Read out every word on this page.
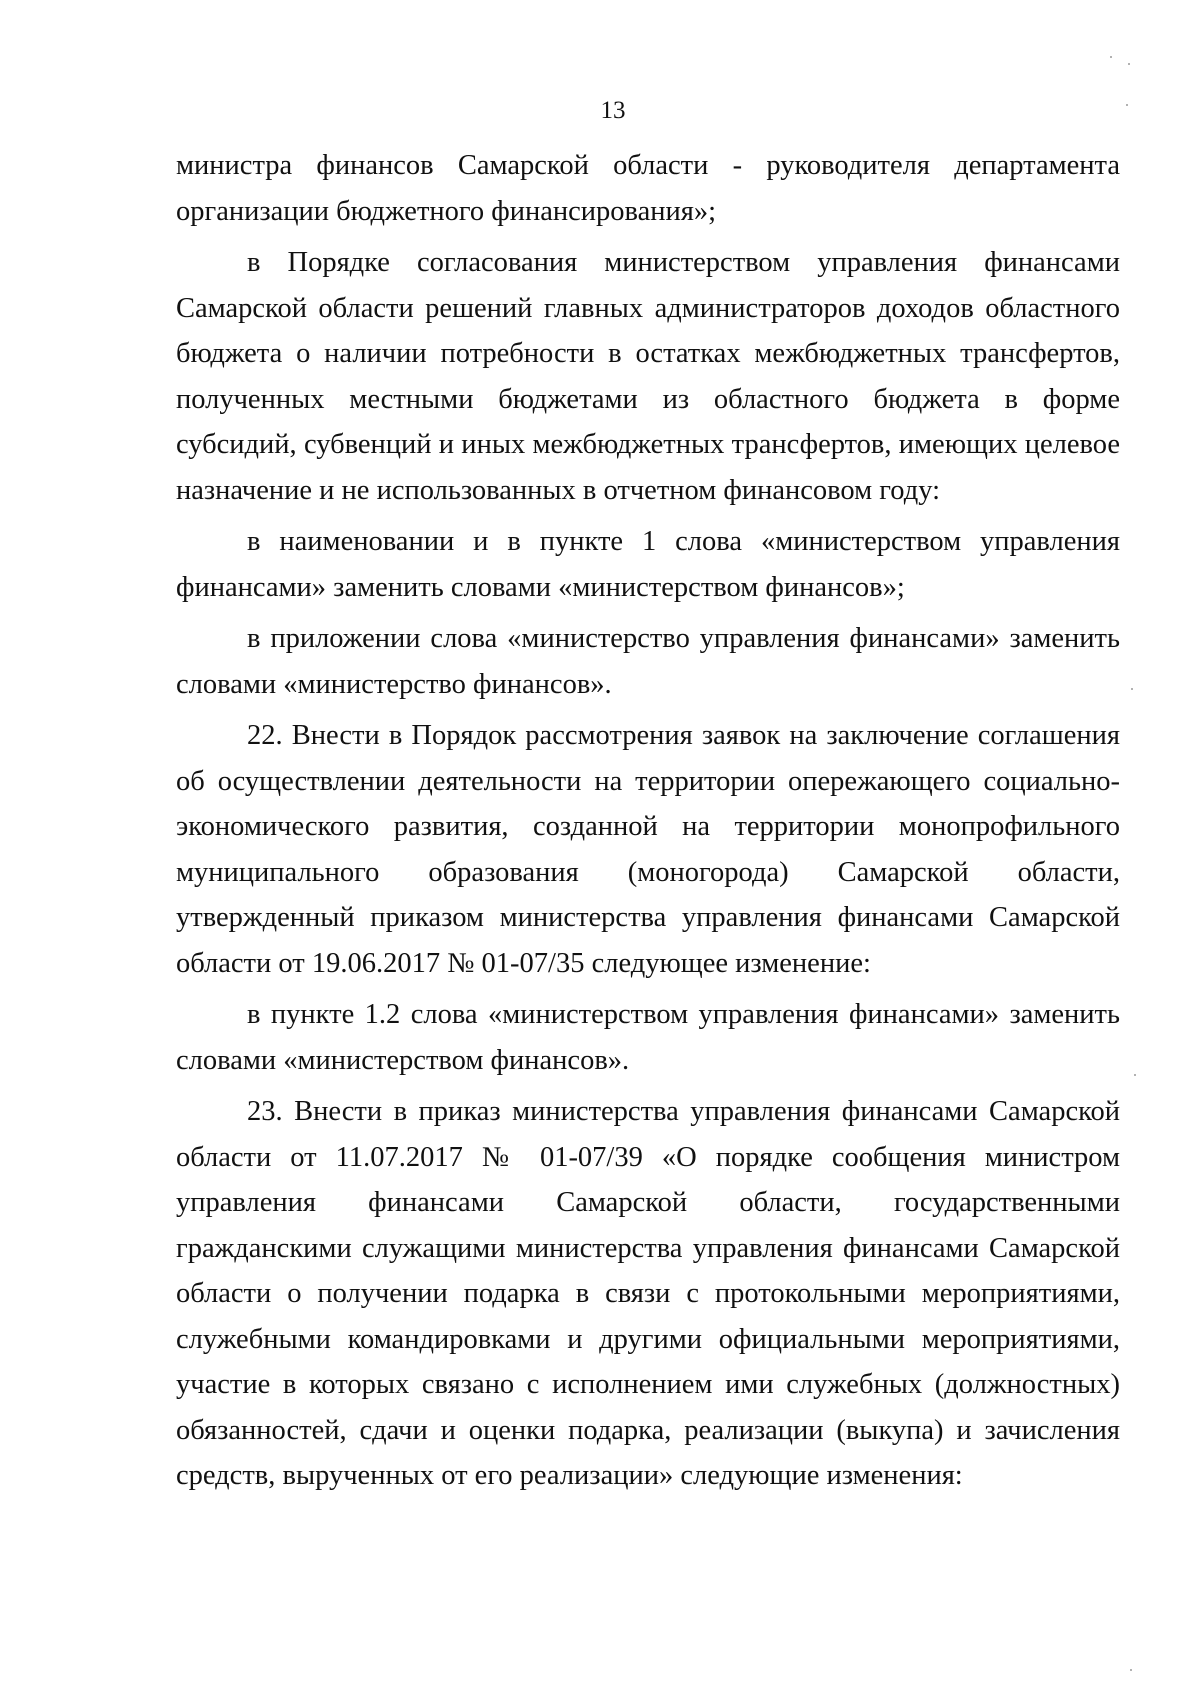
13

министра финансов Самарской области - руководителя департамента организации бюджетного финансирования»;

в Порядке согласования министерством управления финансами Самарской области решений главных администраторов доходов областного бюджета о наличии потребности в остатках межбюджетных трансфертов, полученных местными бюджетами из областного бюджета в форме субсидий, субвенций и иных межбюджетных трансфертов, имеющих целевое назначение и не использованных в отчетном финансовом году:

в наименовании и в пункте 1 слова «министерством управления финансами» заменить словами «министерством финансов»;

в приложении слова «министерство управления финансами» заменить словами «министерство финансов».

22. Внести в Порядок рассмотрения заявок на заключение соглашения об осуществлении деятельности на территории опережающего социально-экономического развития, созданной на территории монопрофильного муниципального образования (моногорода) Самарской области, утвержденный приказом министерства управления финансами Самарской области от 19.06.2017 № 01-07/35 следующее изменение:

в пункте 1.2 слова «министерством управления финансами» заменить словами «министерством финансов».

23. Внести в приказ министерства управления финансами Самарской области от 11.07.2017 № 01-07/39 «О порядке сообщения министром управления финансами Самарской области, государственными гражданскими служащими министерства управления финансами Самарской области о получении подарка в связи с протокольными мероприятиями, служебными командировками и другими официальными мероприятиями, участие в которых связано с исполнением ими служебных (должностных) обязанностей, сдачи и оценки подарка, реализации (выкупа) и зачисления средств, вырученных от его реализации» следующие изменения:
